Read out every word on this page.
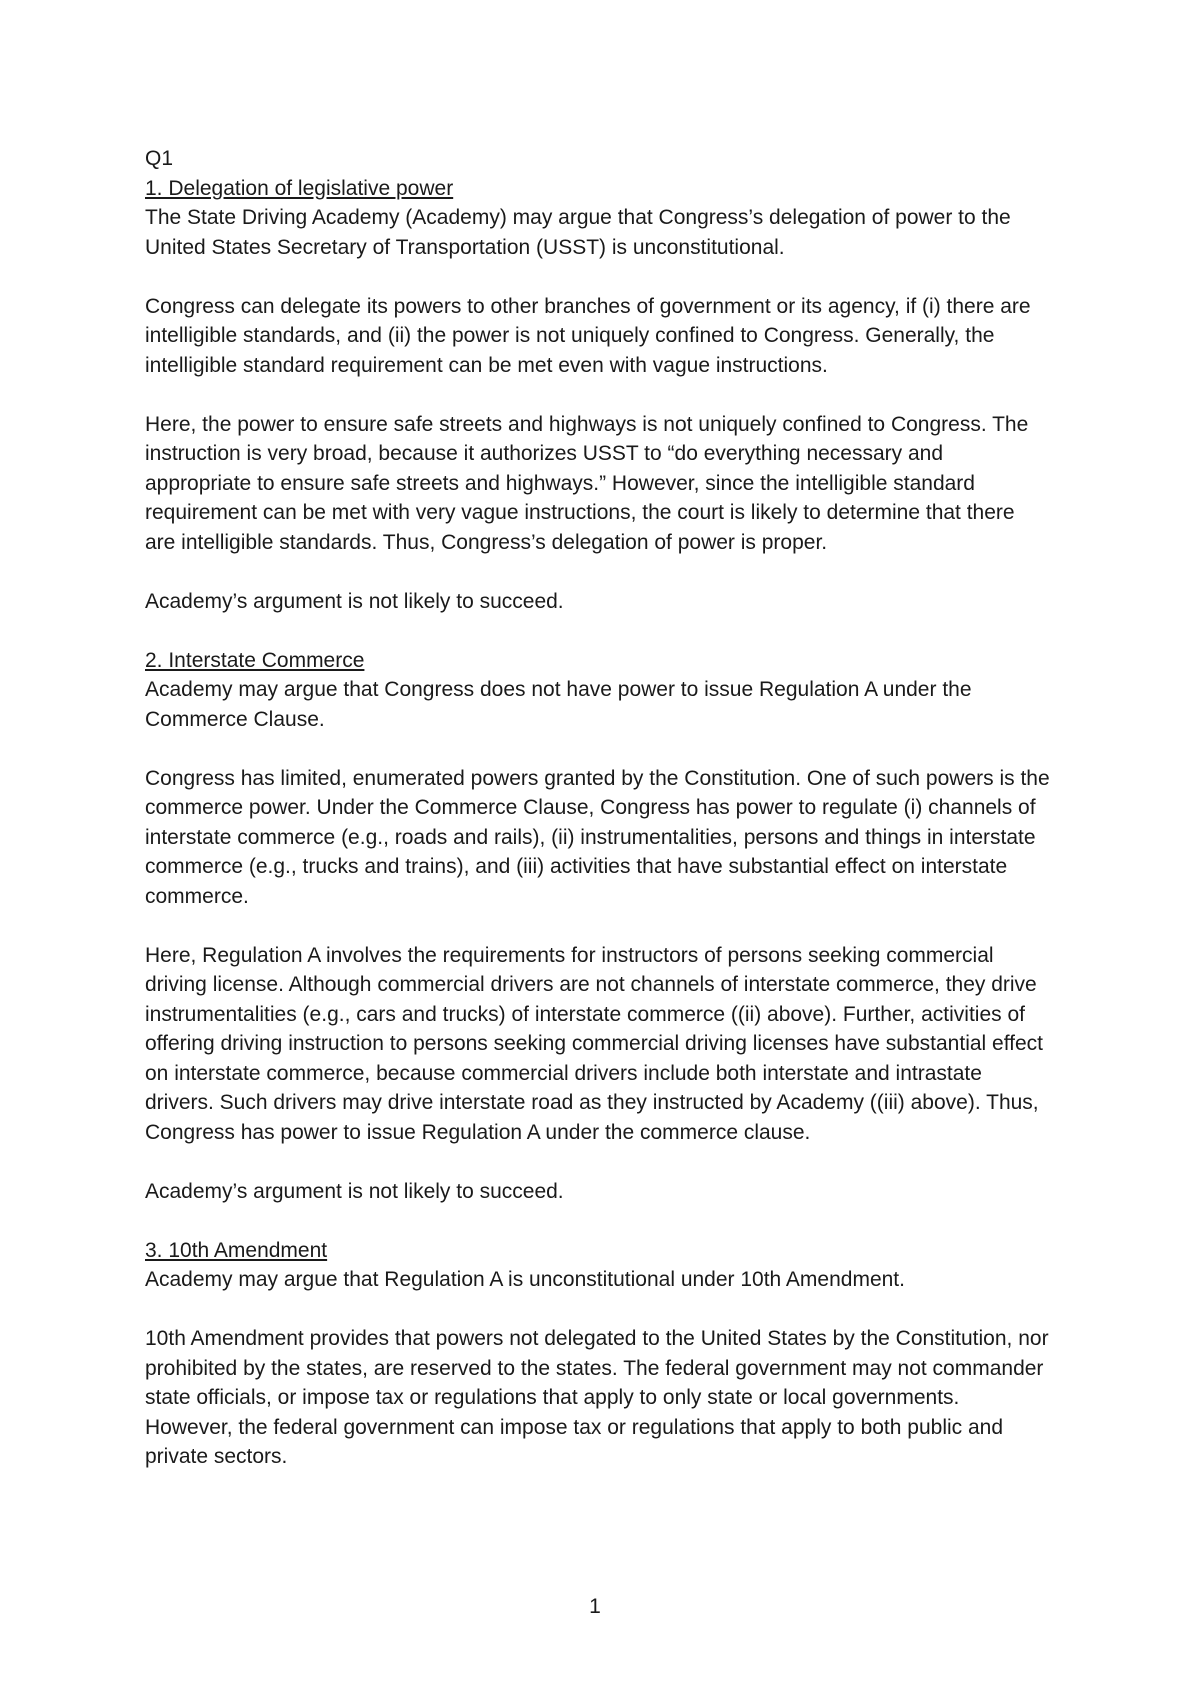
Q1

1. Delegation of legislative power

The State Driving Academy (Academy) may argue that Congress’s delegation of power to the United States Secretary of Transportation (USST) is unconstitutional.

Congress can delegate its powers to other branches of government or its agency, if (i) there are intelligible standards, and (ii) the power is not uniquely confined to Congress. Generally, the intelligible standard requirement can be met even with vague instructions.

Here, the power to ensure safe streets and highways is not uniquely confined to Congress. The instruction is very broad, because it authorizes USST to “do everything necessary and appropriate to ensure safe streets and highways.” However, since the intelligible standard requirement can be met with very vague instructions, the court is likely to determine that there are intelligible standards. Thus, Congress’s delegation of power is proper.

Academy’s argument is not likely to succeed.

2. Interstate Commerce

Academy may argue that Congress does not have power to issue Regulation A under the Commerce Clause.

Congress has limited, enumerated powers granted by the Constitution. One of such powers is the commerce power. Under the Commerce Clause, Congress has power to regulate (i) channels of interstate commerce (e.g., roads and rails), (ii) instrumentalities, persons and things in interstate commerce (e.g., trucks and trains), and (iii) activities that have substantial effect on interstate commerce.

Here, Regulation A involves the requirements for instructors of persons seeking commercial driving license. Although commercial drivers are not channels of interstate commerce, they drive instrumentalities (e.g., cars and trucks) of interstate commerce ((ii) above). Further, activities of offering driving instruction to persons seeking commercial driving licenses have substantial effect on interstate commerce, because commercial drivers include both interstate and intrastate drivers. Such drivers may drive interstate road as they instructed by Academy ((iii) above). Thus, Congress has power to issue Regulation A under the commerce clause.

Academy’s argument is not likely to succeed.

3. 10th Amendment

Academy may argue that Regulation A is unconstitutional under 10th Amendment.

10th Amendment provides that powers not delegated to the United States by the Constitution, nor prohibited by the states, are reserved to the states. The federal government may not commander state officials, or impose tax or regulations that apply to only state or local governments. However, the federal government can impose tax or regulations that apply to both public and private sectors.

1
